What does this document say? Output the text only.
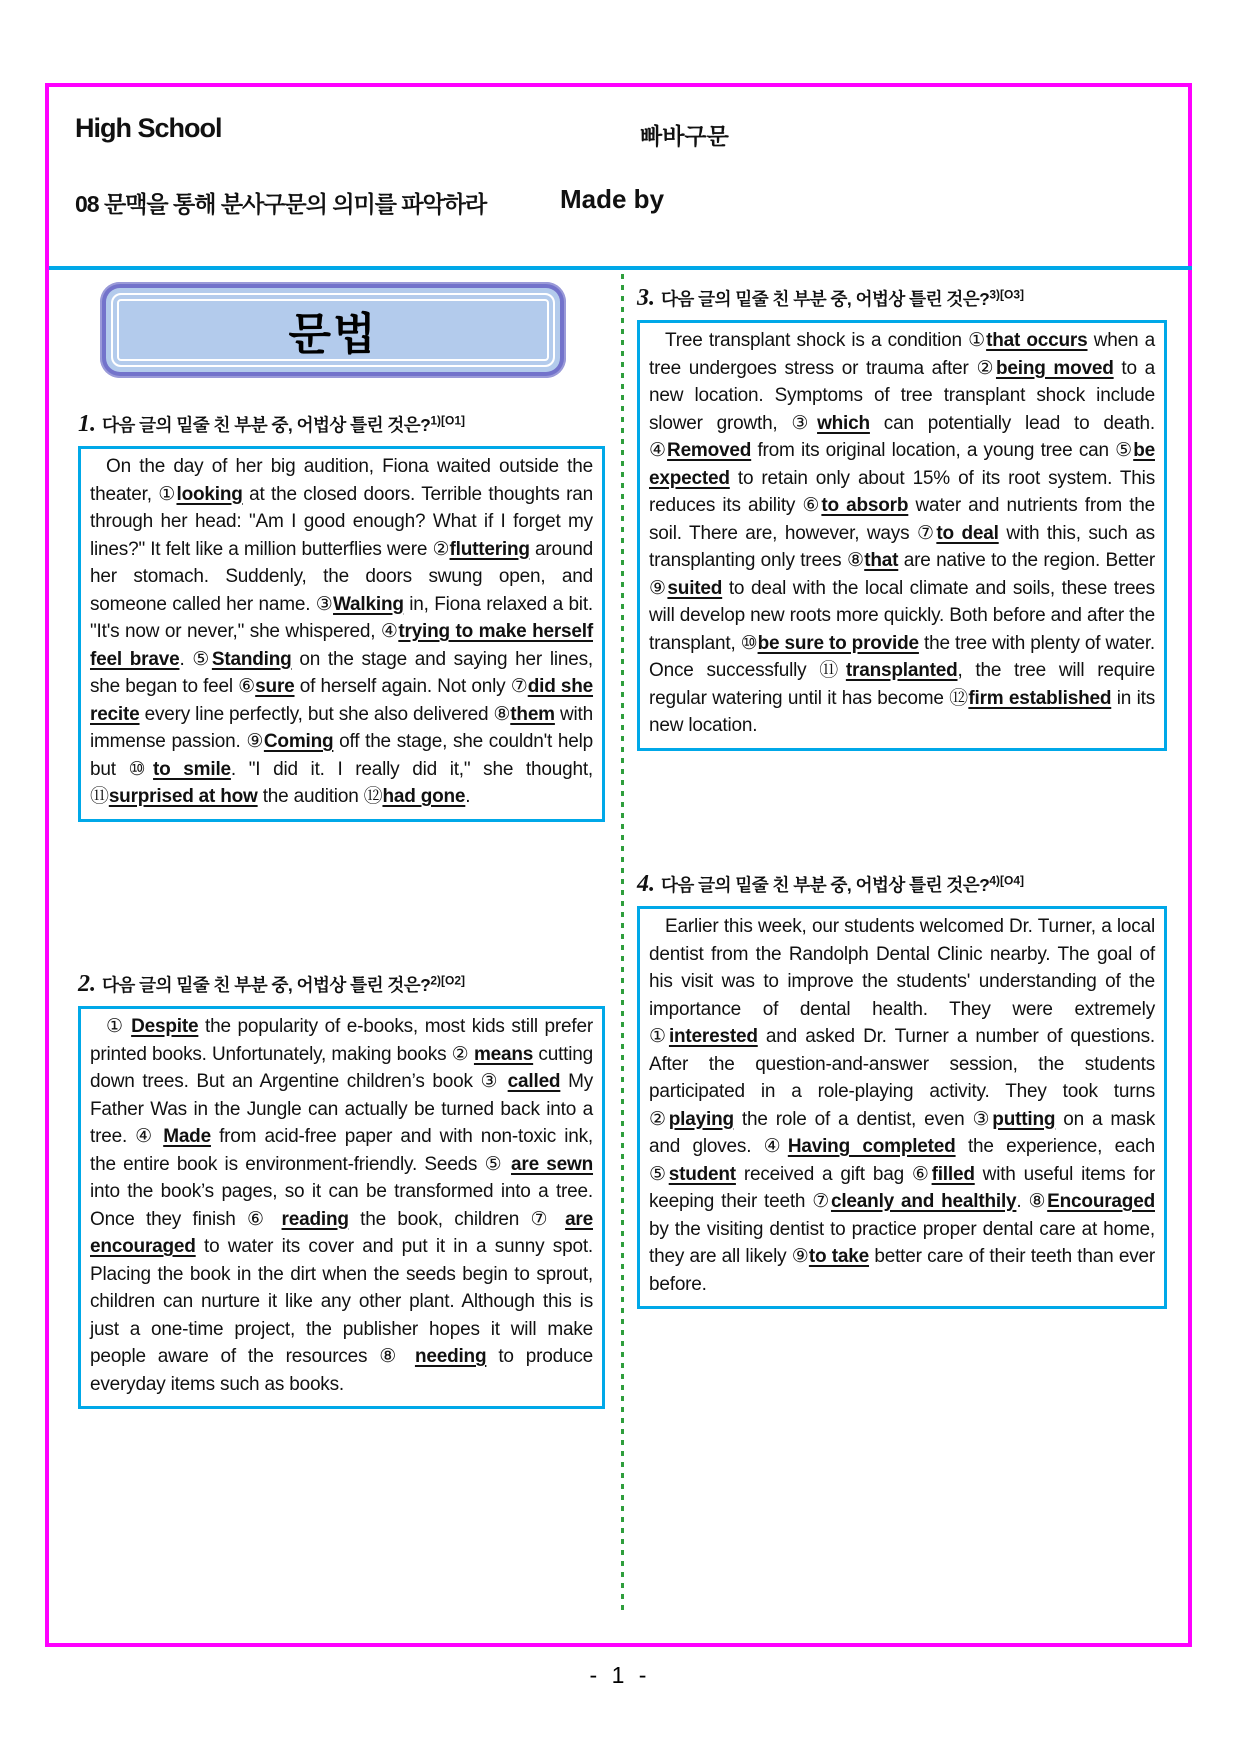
High School	빠바구문
08 문맥을 통해 분사구문의 의미를 파악하라	Made by
문법
1. 다음 글의 밑줄 친 부분 중, 어법상 틀린 것은?$^{1)[O1]}$

On the day of her big audition, Fiona waited outside the theater, ①looking at the closed doors. Terrible thoughts ran through her head: "Am I good enough? What if I forget my lines?" It felt like a million butterflies were ②fluttering around her stomach. Suddenly, the doors swung open, and someone called her name. ③Walking in, Fiona relaxed a bit. "It's now or never," she whispered, ④trying to make herself feel brave. ⑤Standing on the stage and saying her lines, she began to feel ⑥sure of herself again. Not only ⑦did she recite every line perfectly, but she also delivered ⑧them with immense passion. ⑨Coming off the stage, she couldn't help but ⑩to smile. "I did it. I really did it," she thought, ⑪surprised at how the audition ⑫had gone.

2. 다음 글의 밑줄 친 부분 중, 어법상 틀린 것은?$^{2)[O2]}$

① Despite the popularity of e-books, most kids still prefer printed books. Unfortunately, making books ② means cutting down trees. But an Argentine children’s book ③ called My Father Was in the Jungle can actually be turned back into a tree. ④ Made from acid-free paper and with non-toxic ink, the entire book is environment-friendly. Seeds ⑤ are sewn into the book’s pages, so it can be transformed into a tree. Once they finish ⑥ reading the book, children ⑦ are encouraged to water its cover and put it in a sunny spot. Placing the book in the dirt when the seeds begin to sprout, children can nurture it like any other plant. Although this is just a one-time project, the publisher hopes it will make people aware of the resources ⑧ needing to produce everyday items such as books.

3. 다음 글의 밑줄 친 부분 중, 어법상 틀린 것은?$^{3)[O3]}$

Tree transplant shock is a condition ①that occurs when a tree undergoes stress or trauma after ②being moved to a new location. Symptoms of tree transplant shock include slower growth, ③which can potentially lead to death. ④Removed from its original location, a young tree can ⑤be expected to retain only about 15% of its root system. This reduces its ability ⑥to absorb water and nutrients from the soil. There are, however, ways ⑦to deal with this, such as transplanting only trees ⑧that are native to the region. Better ⑨suited to deal with the local climate and soils, these trees will develop new roots more quickly. Both before and after the transplant, ⑩be sure to provide the tree with plenty of water. Once successfully ⑪transplanted, the tree will require regular watering until it has become ⑫firm established in its new location.

4. 다음 글의 밑줄 친 부분 중, 어법상 틀린 것은?$^{4)[O4]}$

Earlier this week, our students welcomed Dr. Turner, a local dentist from the Randolph Dental Clinic nearby. The goal of his visit was to improve the students' understanding of the importance of dental health. They were extremely ①interested and asked Dr. Turner a number of questions. After the question-and-answer session, the students participated in a role-playing activity. They took turns ②playing the role of a dentist, even ③putting on a mask and gloves. ④Having completed the experience, each ⑤student received a gift bag ⑥filled with useful items for keeping their teeth ⑦cleanly and healthily. ⑧Encouraged by the visiting dentist to practice proper dental care at home, they are all likely ⑨to take better care of their teeth than ever before.

- 1 -
